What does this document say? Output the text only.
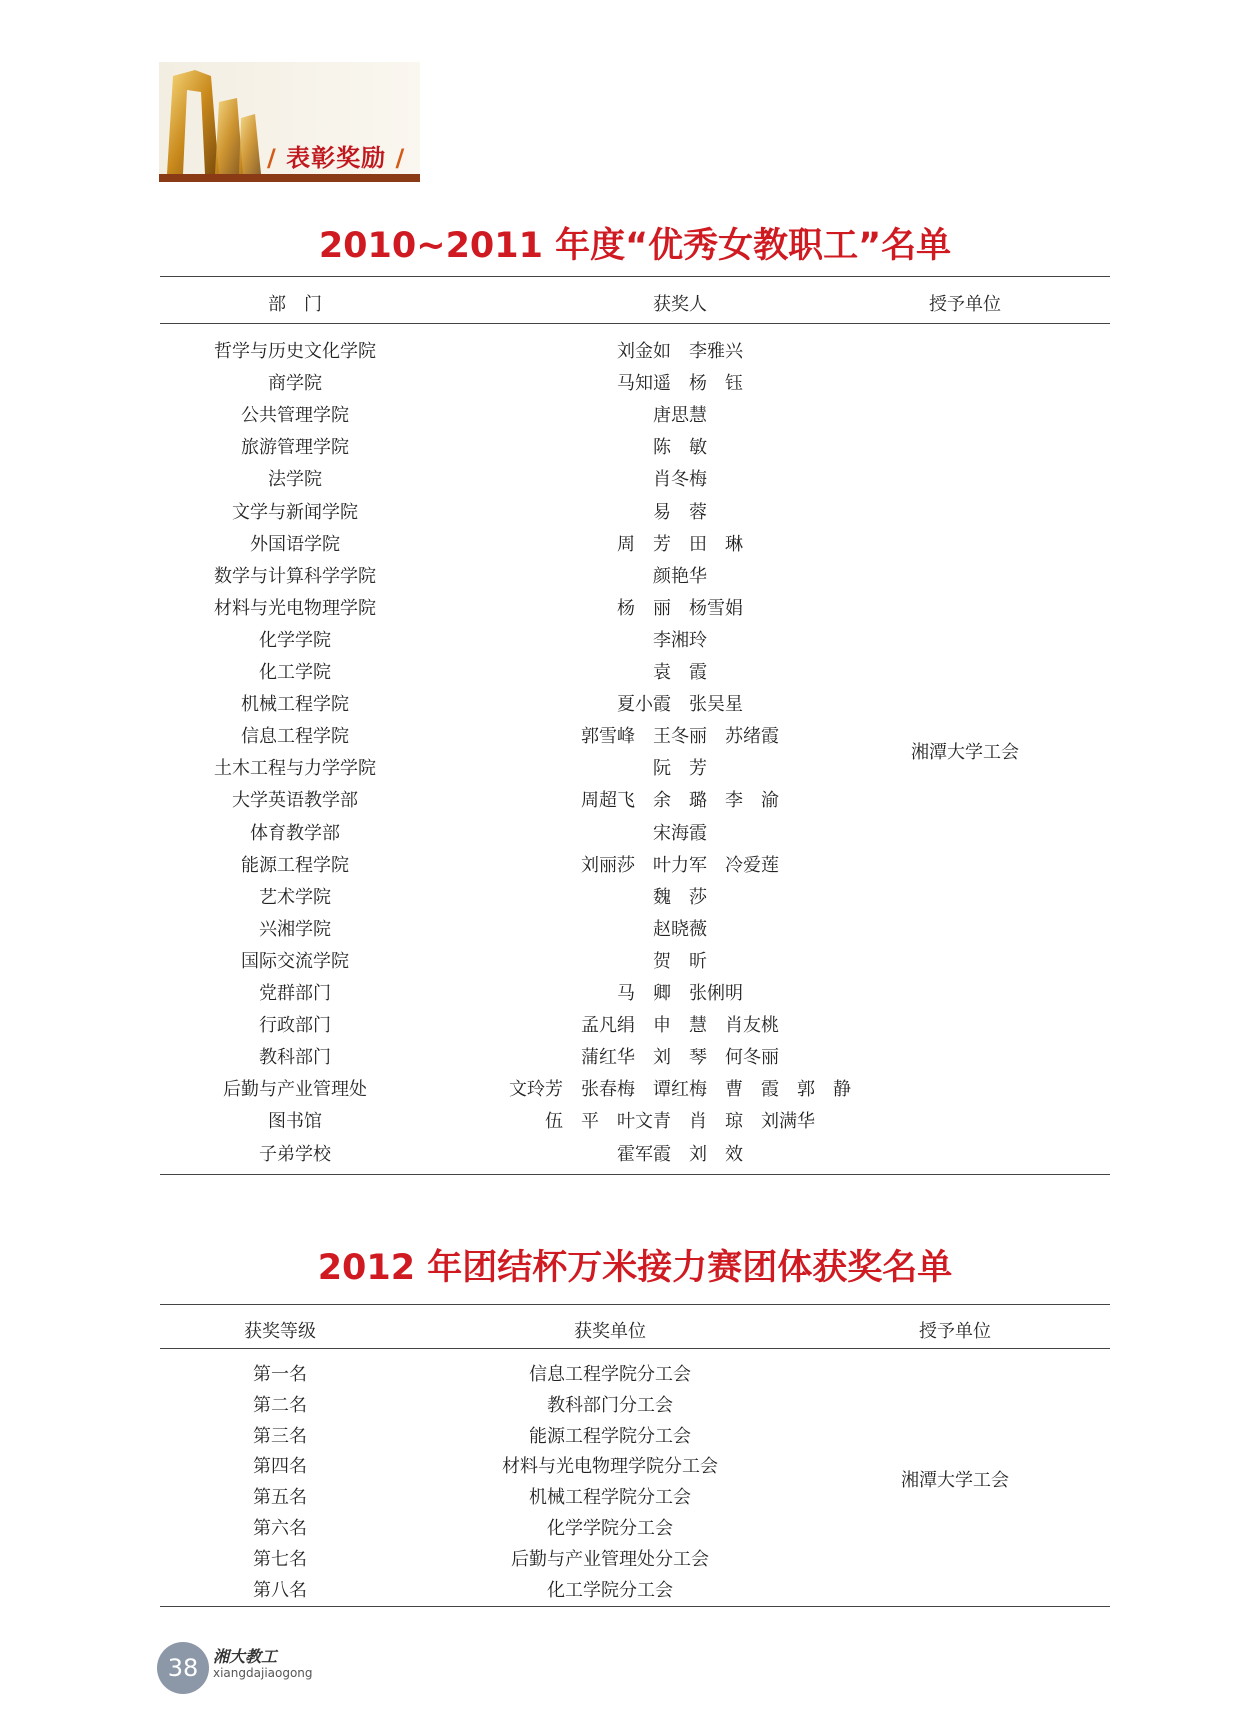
/ 表彰奖励 /
2010~2011 年度“优秀女教职工”名单
部　门	获奖人	授予单位
哲学与历史文化学院	刘金如　李雅兴
商学院	马知遥　杨　钰
公共管理学院	唐思慧
旅游管理学院	陈　敏
法学院	肖冬梅
文学与新闻学院	易　蓉
外国语学院	周　芳　田　琳
数学与计算科学学院	颜艳华
材料与光电物理学院	杨　丽　杨雪娟
化学学院	李湘玲
化工学院	袁　霞
机械工程学院	夏小霞　张吴星
信息工程学院	郭雪峰　王冬丽　苏绪霞
土木工程与力学学院	阮　芳
大学英语教学部	周超飞　余　璐　李　渝
体育教学部	宋海霞
能源工程学院	刘丽莎　叶力军　冷爱莲
艺术学院	魏　莎
兴湘学院	赵晓薇
国际交流学院	贺　昕
党群部门	马　卿　张俐明
行政部门	孟凡绢　申　慧　肖友桃
教科部门	蒲红华　刘　琴　何冬丽
后勤与产业管理处	文玲芳　张春梅　谭红梅　曹　霞　郭　静
图书馆	伍　平　叶文青　肖　琼　刘满华
子弟学校	霍军霞　刘　效
湘潭大学工会
2012 年团结杯万米接力赛团体获奖名单
获奖等级	获奖单位	授予单位
第一名	信息工程学院分工会
第二名	教科部门分工会
第三名	能源工程学院分工会
第四名	材料与光电物理学院分工会
第五名	机械工程学院分工会
第六名	化学学院分工会
第七名	后勤与产业管理处分工会
第八名	化工学院分工会
湘潭大学工会
38 湘大教工
xiangdajiaogong
